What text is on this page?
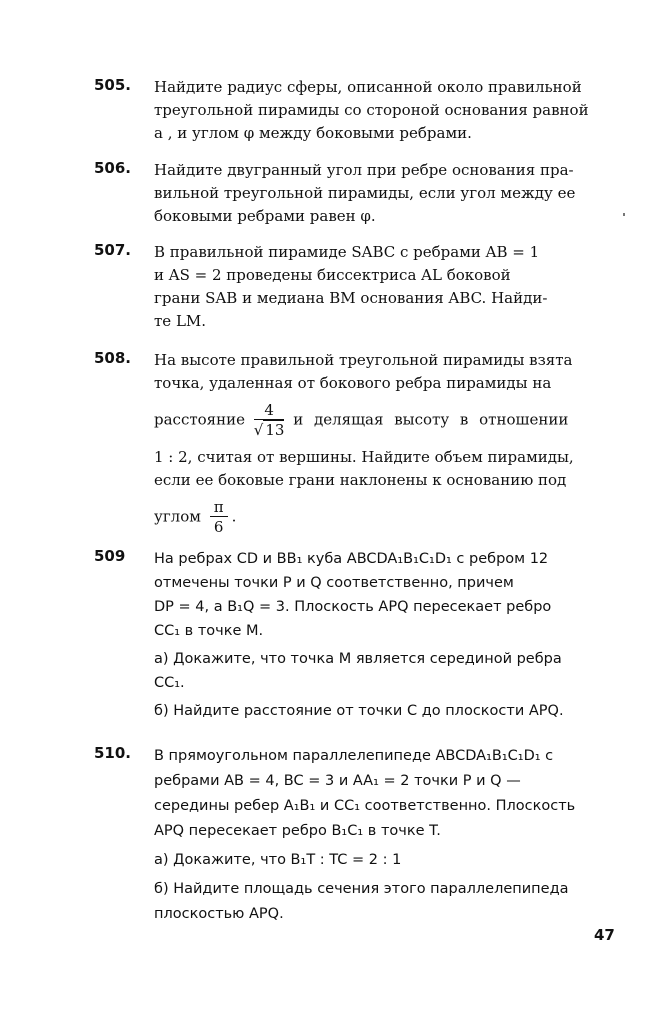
505.	Найдите радиус сферы, описанной около правильной

треугольной пирамиды со стороной основания равной

a , и углом φ между боковыми ребрами.

506.	Найдите двугранный угол при ребре основания пра-

вильной треугольной пирамиды, если угол между ее

боковыми ребрами равен φ.

507.	В правильной пирамиде SABC с ребрами AB = 1

и AS = 2 проведены биссектриса AL боковой

грани SAB и медиана BM основания ABC. Найди-

те LM.

508.	На высоте правильной треугольной пирамиды взята

точка, удаленная от бокового ребра пирамиды на

расстояние $\frac{4}{√ 13}$ и делящая высоту в отношении

1 : 2, считая от вершины. Найдите объем пирамиды,

если ее боковые грани наклонены к основанию под

углом $\frac{\pi}{6}$ .

509	На ребрах CD и BB₁ куба ABCDA₁B₁C₁D₁ с ребром 12

отмечены точки P и Q соответственно, причем

DP = 4, а B₁Q = 3. Плоскость APQ пересекает ребро

CC₁ в точке M.

а) Докажите, что точка M является серединой ребра

CC₁.

б) Найдите расстояние от точки С до плоскости APQ.

510.	В прямоугольном параллелепипеде ABCDA₁B₁C₁D₁ с

ребрами AB = 4, BC = 3 и AA₁ = 2 точки P и Q —

середины ребер A₁B₁ и CC₁ соответственно. Плоскость

APQ пересекает ребро B₁C₁ в точке T.

а) Докажите, что B₁T : TC = 2 : 1

б) Найдите площадь сечения этого параллелепипеда

плоскостью APQ.

47
